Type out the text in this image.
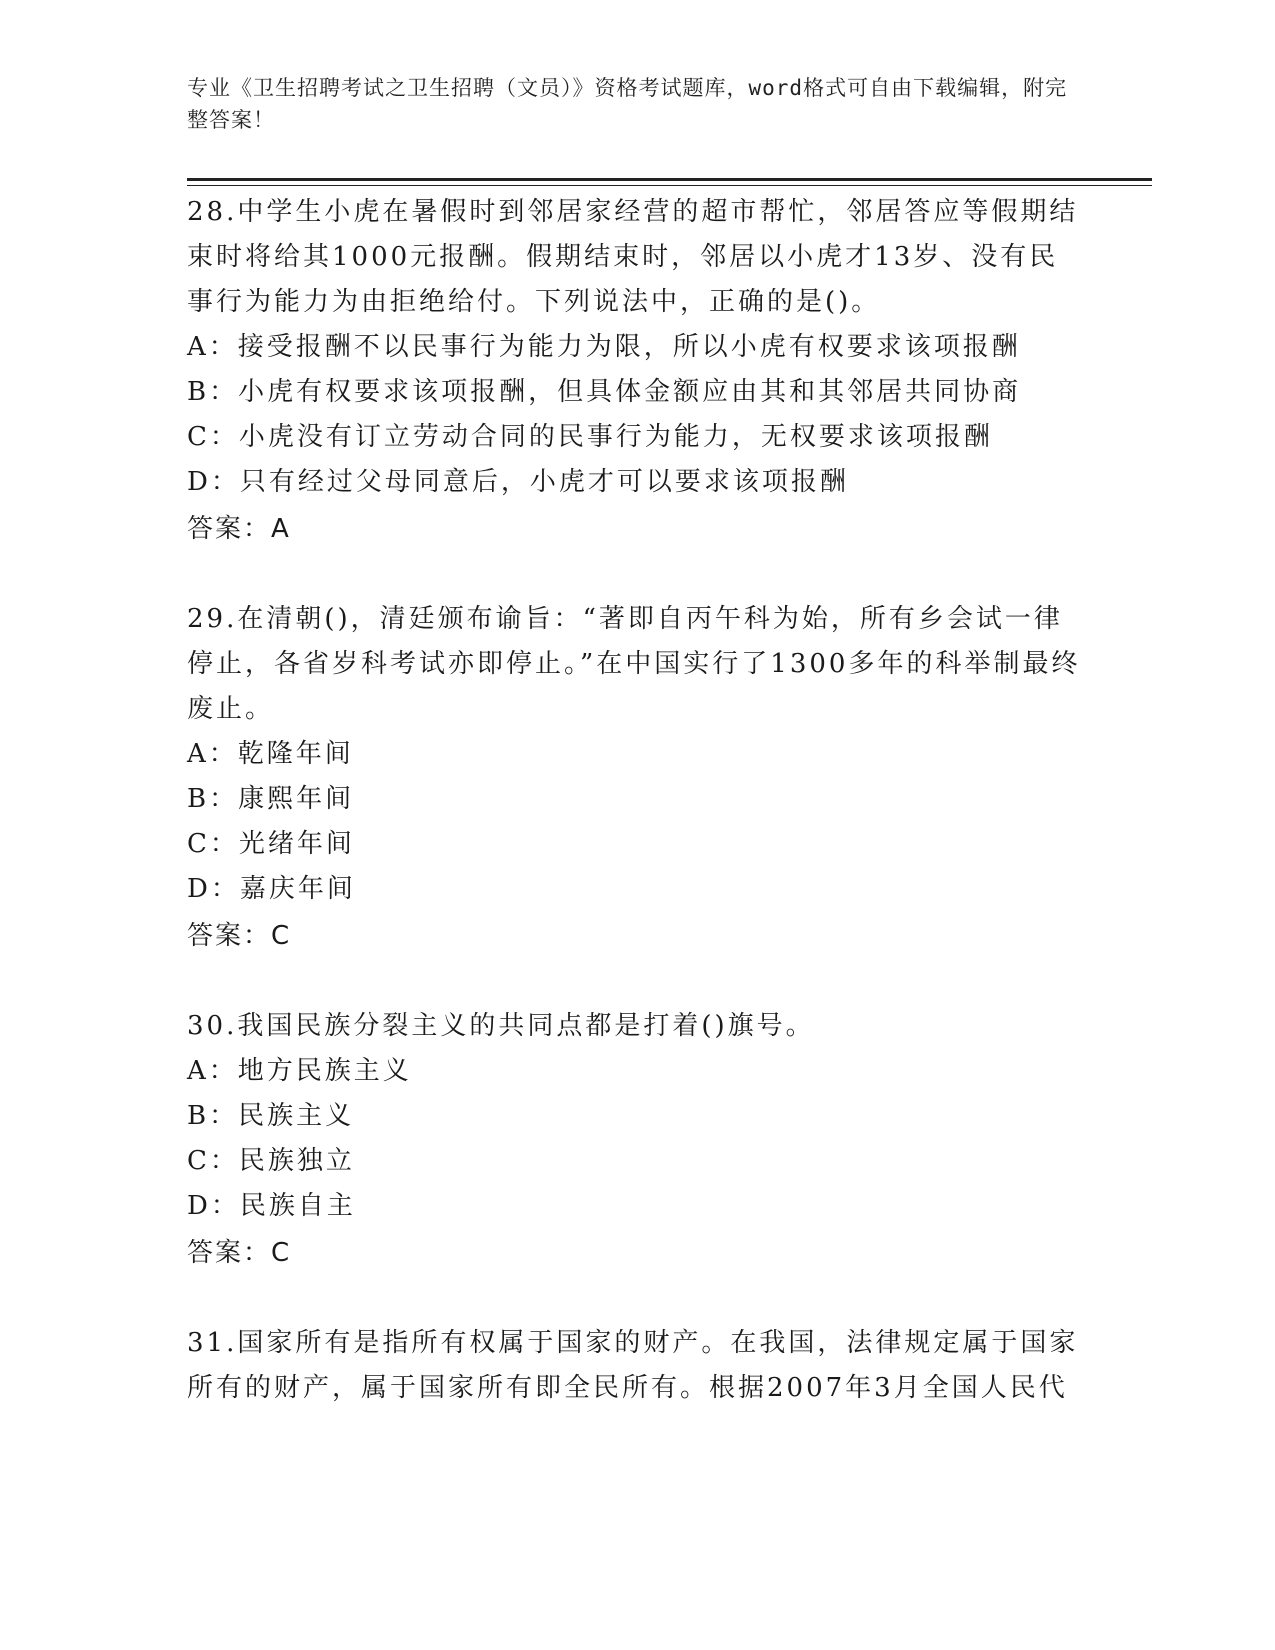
专业《卫生招聘考试之卫生招聘（文员）》资格考试题库，word格式可自由下载编辑，附完整答案！
28.中学生小虎在暑假时到邻居家经营的超市帮忙，邻居答应等假期结束时将给其1000元报酬。假期结束时，邻居以小虎才13岁、没有民事行为能力为由拒绝给付。下列说法中，正确的是()。
A：接受报酬不以民事行为能力为限，所以小虎有权要求该项报酬
B：小虎有权要求该项报酬，但具体金额应由其和其邻居共同协商
C：小虎没有订立劳动合同的民事行为能力，无权要求该项报酬
D：只有经过父母同意后，小虎才可以要求该项报酬
答案：A
29.在清朝()，清廷颁布谕旨：“著即自丙午科为始，所有乡会试一律停止，各省岁科考试亦即停止。”在中国实行了1300多年的科举制最终废止。
A：乾隆年间
B：康熙年间
C：光绪年间
D：嘉庆年间
答案：C
30.我国民族分裂主义的共同点都是打着()旗号。
A：地方民族主义
B：民族主义
C：民族独立
D：民族自主
答案：C
31.国家所有是指所有权属于国家的财产。在我国，法律规定属于国家所有的财产，属于国家所有即全民所有。根据2007年3月全国人民代
